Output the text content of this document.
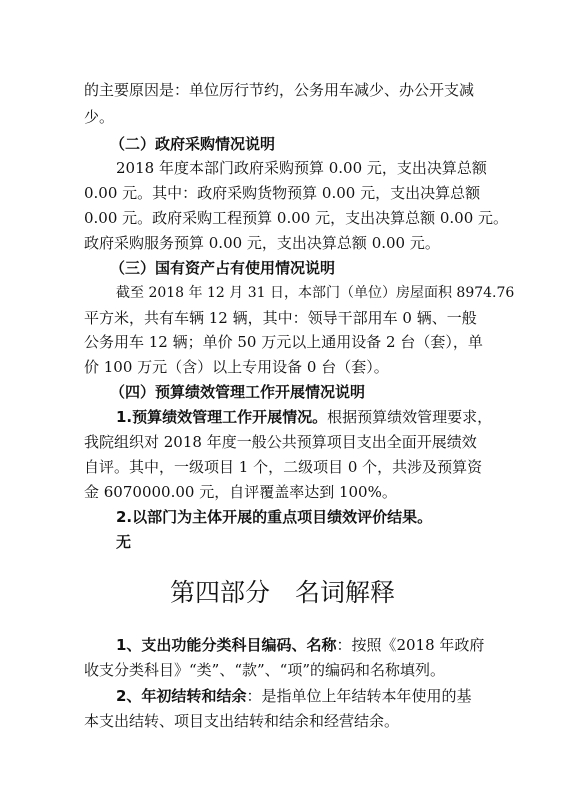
的主要原因是：单位厉行节约，公务用车减少、办公开支减
少。
（二）政府采购情况说明
2018 年度本部门政府采购预算 0.00 元，支出决算总额
0.00 元。其中：政府采购货物预算 0.00 元，支出决算总额
0.00 元。政府采购工程预算 0.00 元，支出决算总额 0.00 元。
政府采购服务预算 0.00 元，支出决算总额 0.00 元。
（三）国有资产占有使用情况说明
截至 2018 年 12 月 31 日，本部门（单位）房屋面积 8974.76
平方米，共有车辆 12 辆，其中：领导干部用车 0 辆、一般
公务用车 12 辆；单价 50 万元以上通用设备 2 台（套），单
价 100 万元（含）以上专用设备 0 台（套）。
（四）预算绩效管理工作开展情况说明
1.预算绩效管理工作开展情况。根据预算绩效管理要求，
我院组织对 2018 年度一般公共预算项目支出全面开展绩效
自评。其中，一级项目 1 个，二级项目 0 个，共涉及预算资
金 6070000.00 元，自评覆盖率达到 100%。
2.以部门为主体开展的重点项目绩效评价结果。
无
第四部分　名词解释
1、支出功能分类科目编码、名称：按照《2018 年政府
收支分类科目》“类”、“款”、“项”的编码和名称填列。
2、年初结转和结余：是指单位上年结转本年使用的基
本支出结转、项目支出结转和结余和经营结余。
